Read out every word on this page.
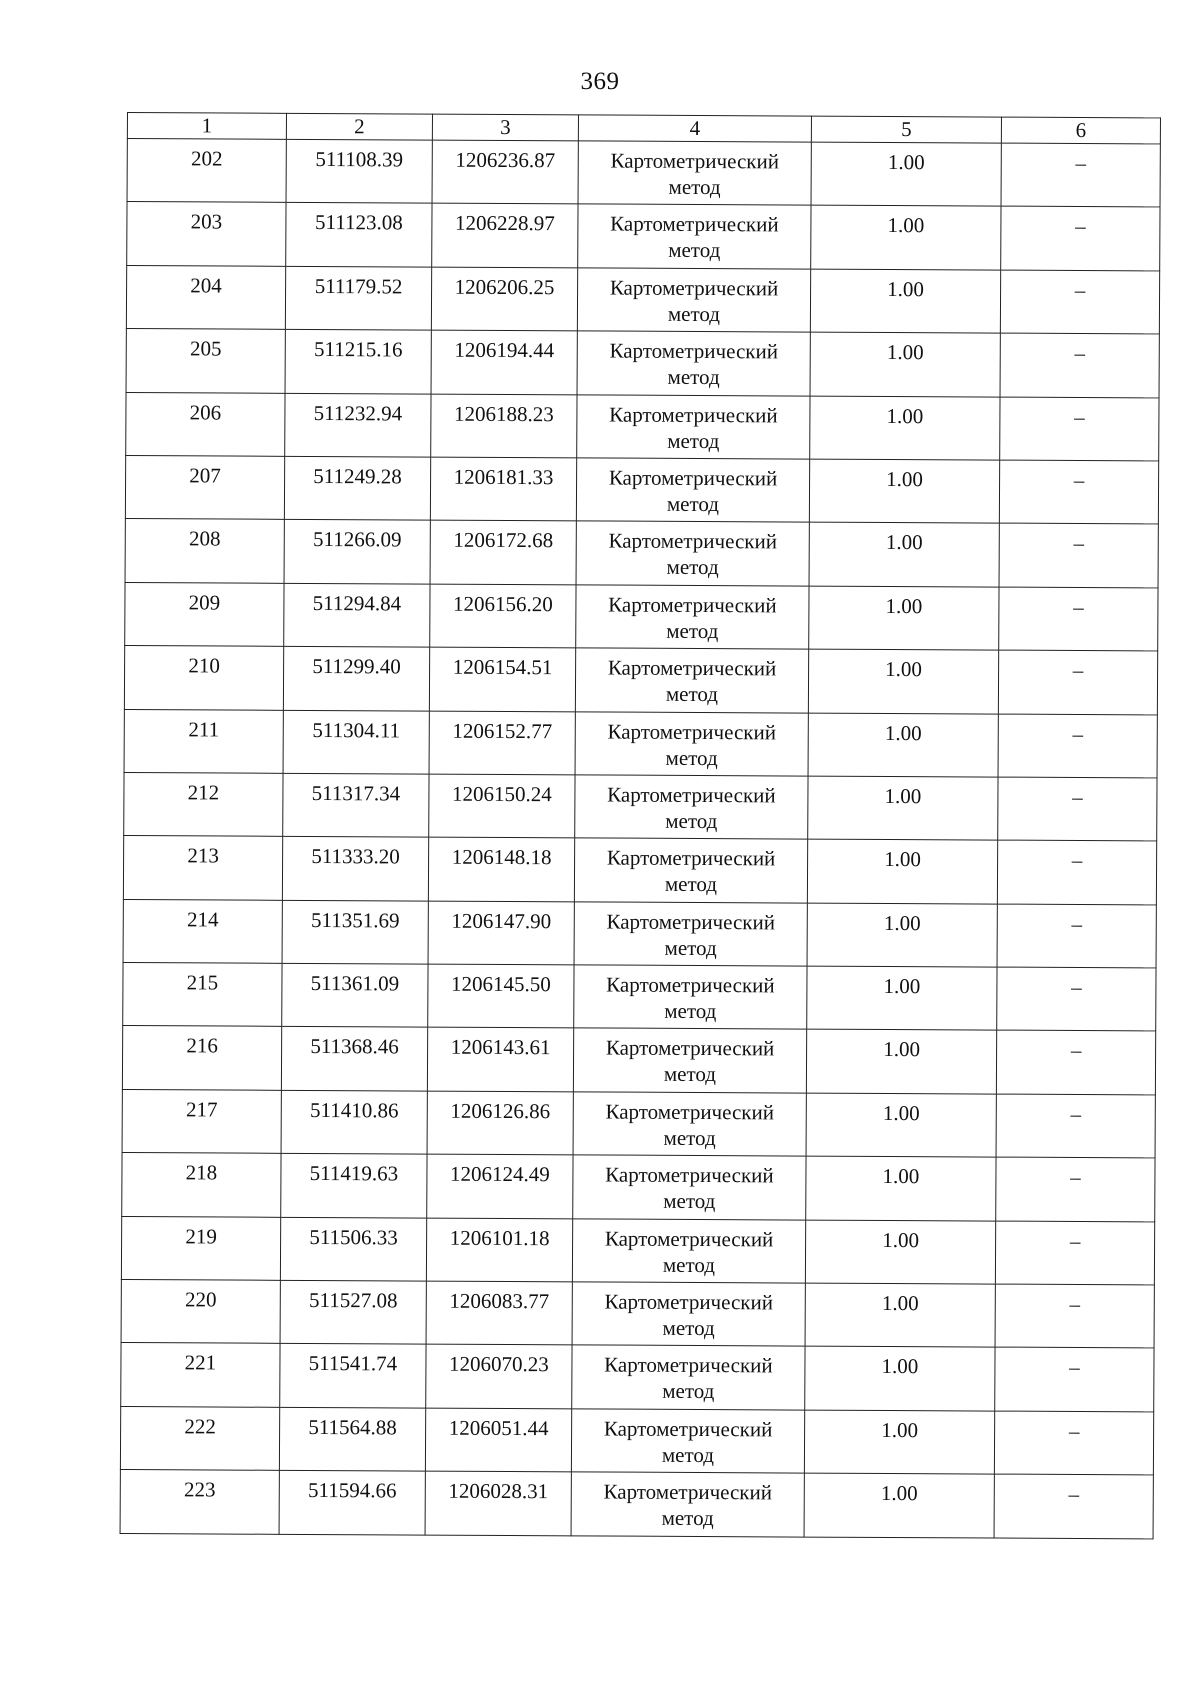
369
1	2	3	4	5	6
202	511108.39	1206236.87	Картометрический метод	1.00	–
203	511123.08	1206228.97	Картометрический метод	1.00	–
204	511179.52	1206206.25	Картометрический метод	1.00	–
205	511215.16	1206194.44	Картометрический метод	1.00	–
206	511232.94	1206188.23	Картометрический метод	1.00	–
207	511249.28	1206181.33	Картометрический метод	1.00	–
208	511266.09	1206172.68	Картометрический метод	1.00	–
209	511294.84	1206156.20	Картометрический метод	1.00	–
210	511299.40	1206154.51	Картометрический метод	1.00	–
211	511304.11	1206152.77	Картометрический метод	1.00	–
212	511317.34	1206150.24	Картометрический метод	1.00	–
213	511333.20	1206148.18	Картометрический метод	1.00	–
214	511351.69	1206147.90	Картометрический метод	1.00	–
215	511361.09	1206145.50	Картометрический метод	1.00	–
216	511368.46	1206143.61	Картометрический метод	1.00	–
217	511410.86	1206126.86	Картометрический метод	1.00	–
218	511419.63	1206124.49	Картометрический метод	1.00	–
219	511506.33	1206101.18	Картометрический метод	1.00	–
220	511527.08	1206083.77	Картометрический метод	1.00	–
221	511541.74	1206070.23	Картометрический метод	1.00	–
222	511564.88	1206051.44	Картометрический метод	1.00	–
223	511594.66	1206028.31	Картометрический метод	1.00	–
